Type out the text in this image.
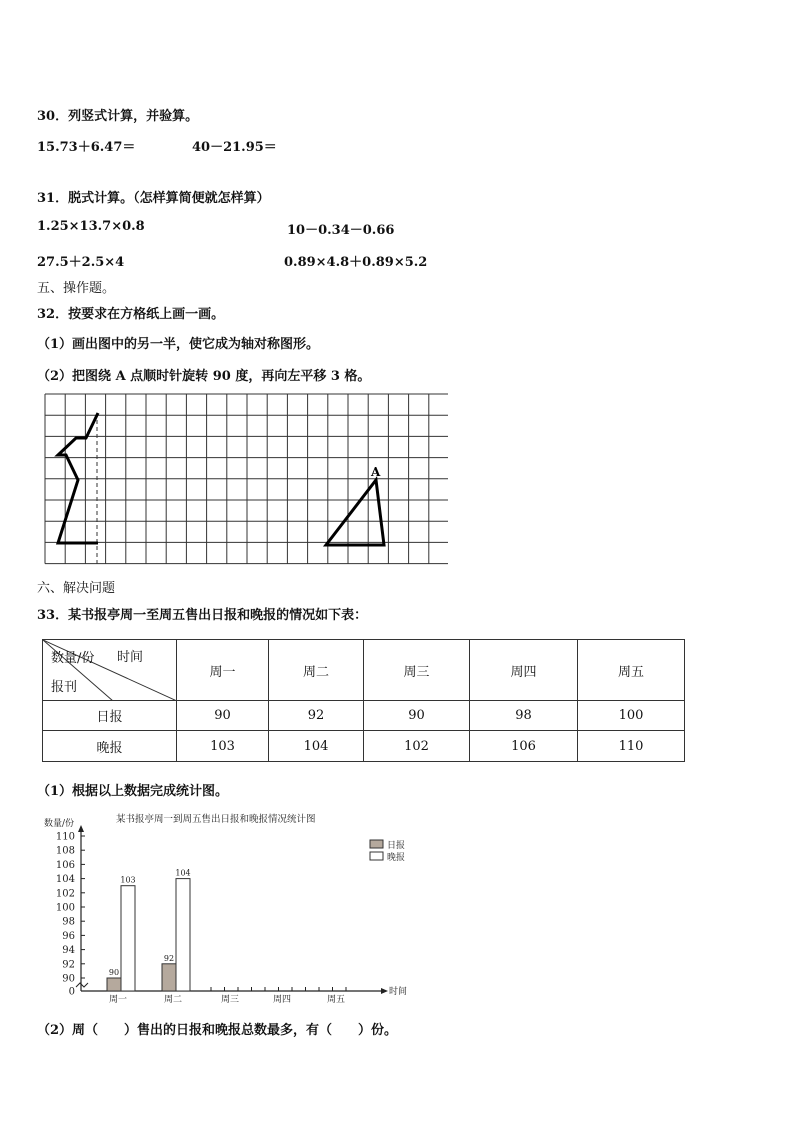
30．列竖式计算，并验算。
15.73＋6.47＝	40－21.95＝
31．脱式计算。（怎样算简便就怎样算）
1.25×13.7×0.8	10－0.34－0.66
27.5＋2.5×4	0.89×4.8＋0.89×5.2
五、操作题。
32．按要求在方格纸上画一画。
（1）画出图中的另一半，使它成为轴对称图形。
（2）把图绕 A 点顺时针旋转 90 度，再向左平移 3 格。
A
六、解决问题
33．某书报亭周一至周五售出日报和晚报的情况如下表：
数量/份 时间
报刊	周一	周二	周三	周四	周五
日报	90	92	90	98	100
晚报	103	104	102	106	110
（1）根据以上数据完成统计图。
某书报亭周一到周五售出日报和晚报情况统计图
数量/份
0
90
92
94
96
98
100
102
104
106
108
110
时间
周一	周二	周三	周四	周五
90
92
103
104
日报
晚报
（2）周（　　）售出的日报和晚报总数最多，有（　　）份。
